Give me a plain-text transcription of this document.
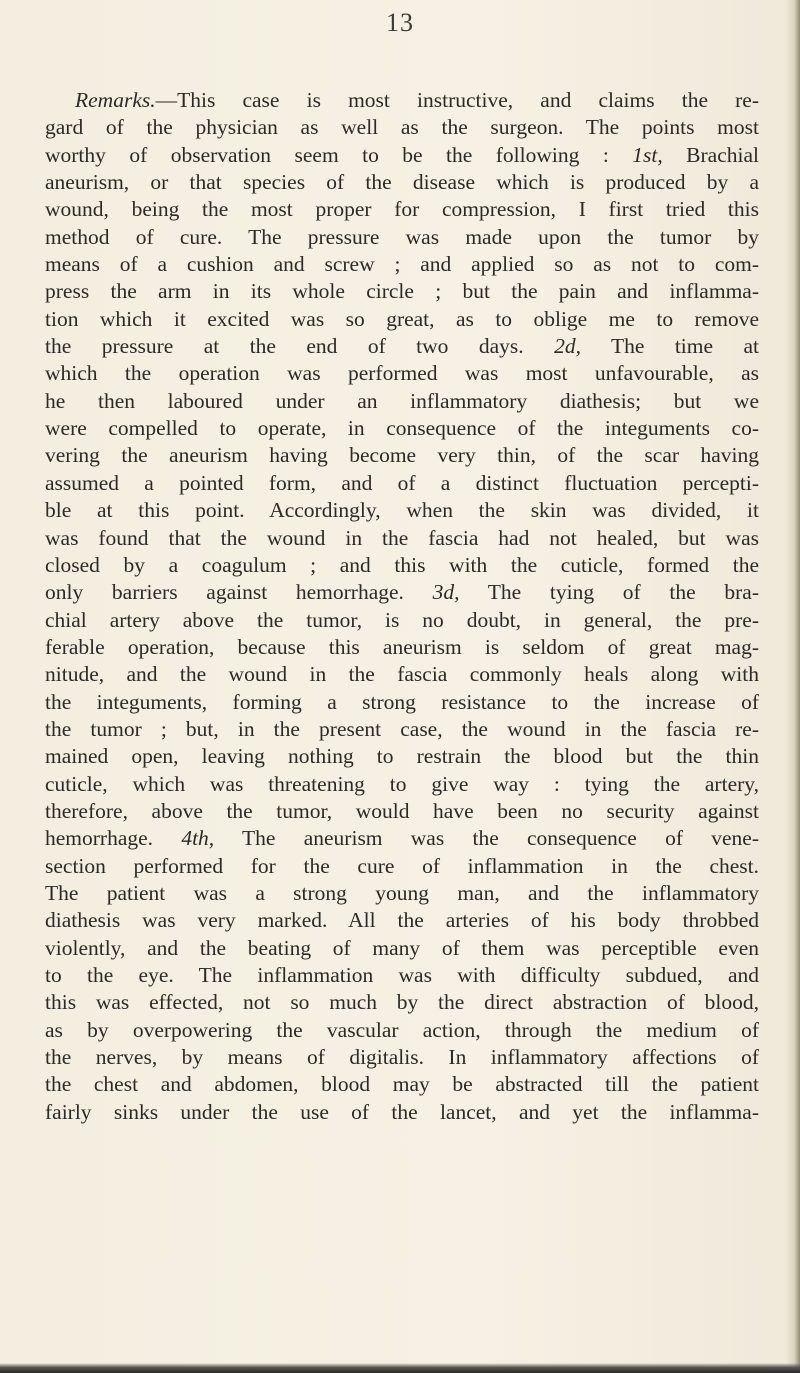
13
Remarks.—This case is most instructive, and claims the re-
gard of the physician as well as the surgeon. The points most
worthy of observation seem to be the following : 1st, Brachial
aneurism, or that species of the disease which is produced by a
wound, being the most proper for compression, I first tried this
method of cure. The pressure was made upon the tumor by
means of a cushion and screw ; and applied so as not to com-
press the arm in its whole circle ; but the pain and inflamma-
tion which it excited was so great, as to oblige me to remove
the pressure at the end of two days. 2d, The time at
which the operation was performed was most unfavourable, as
he then laboured under an inflammatory diathesis; but we
were compelled to operate, in consequence of the integuments co-
vering the aneurism having become very thin, of the scar having
assumed a pointed form, and of a distinct fluctuation percepti-
ble at this point. Accordingly, when the skin was divided, it
was found that the wound in the fascia had not healed, but was
closed by a coagulum ; and this with the cuticle, formed the
only barriers against hemorrhage. 3d, The tying of the bra-
chial artery above the tumor, is no doubt, in general, the pre-
ferable operation, because this aneurism is seldom of great mag-
nitude, and the wound in the fascia commonly heals along with
the integuments, forming a strong resistance to the increase of
the tumor ; but, in the present case, the wound in the fascia re-
mained open, leaving nothing to restrain the blood but the thin
cuticle, which was threatening to give way : tying the artery,
therefore, above the tumor, would have been no security against
hemorrhage. 4th, The aneurism was the consequence of vene-
section performed for the cure of inflammation in the chest.
The patient was a strong young man, and the inflammatory
diathesis was very marked. All the arteries of his body throbbed
violently, and the beating of many of them was perceptible even
to the eye. The inflammation was with difficulty subdued, and
this was effected, not so much by the direct abstraction of blood,
as by overpowering the vascular action, through the medium of
the nerves, by means of digitalis. In inflammatory affections of
the chest and abdomen, blood may be abstracted till the patient
fairly sinks under the use of the lancet, and yet the inflamma-
